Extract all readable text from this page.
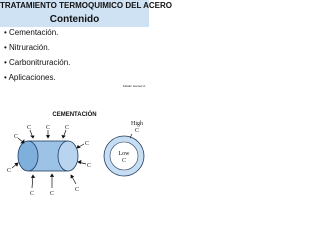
TRATAMIENTO TERMOQUIMICO DEL ACERO
Contenido
• Cementación.
• Nitruración.
• Carbonitruración.
• Aplicaciones.
Fabián Gamez A.
CEMENTACIÓN
C
C C C
C
C
C
C
C
C
High
C
Low
C
